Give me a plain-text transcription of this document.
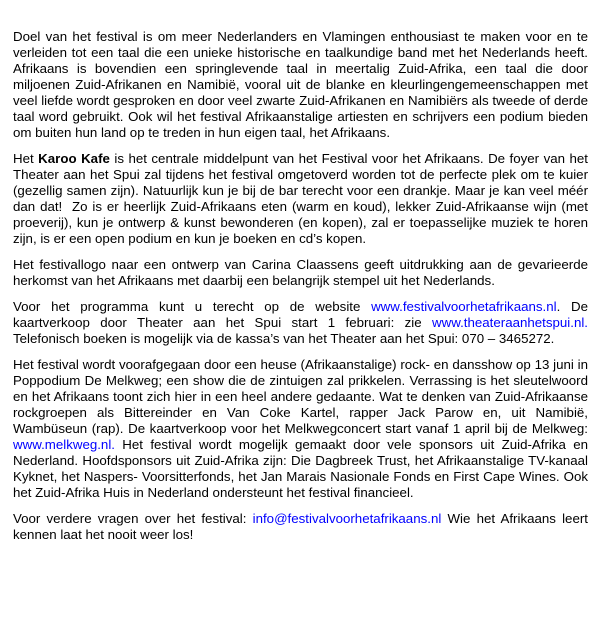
Doel van het festival is om meer Nederlanders en Vlamingen enthousiast te maken voor en te verleiden tot een taal die een unieke historische en taalkundige band met het Nederlands heeft. Afrikaans is bovendien een springlevende taal in meertalig Zuid-Afrika, een taal die door miljoenen Zuid-Afrikanen en Namibië, vooral uit de blanke en kleurlingengemeenschappen met veel liefde wordt gesproken en door veel zwarte Zuid-Afrikanen en Namibiërs als tweede of derde taal word gebruikt. Ook wil het festival Afrikaanstalige artiesten en schrijvers een podium bieden om buiten hun land op te treden in hun eigen taal, het Afrikaans.

Het Karoo Kafe is het centrale middelpunt van het Festival voor het Afrikaans. De foyer van het Theater aan het Spui zal tijdens het festival omgetoverd worden tot de perfecte plek om te kuier (gezellig samen zijn). Natuurlijk kun je bij de bar terecht voor een drankje. Maar je kan veel méér dan dat!  Zo is er heerlijk Zuid-Afrikaans eten (warm en koud), lekker Zuid-Afrikaanse wijn (met proeverij), kun je ontwerp & kunst bewonderen (en kopen), zal er toepasselijke muziek te horen zijn, is er een open podium en kun je boeken en cd’s kopen.

Het festivallogo naar een ontwerp van Carina Claassens geeft uitdrukking aan de gevarieerde herkomst van het Afrikaans met daarbij een belangrijk stempel uit het Nederlands.

Voor het programma kunt u terecht op de website www.festivalvoorhetafrikaans.nl. De kaartverkoop door Theater aan het Spui start 1 februari: zie www.theateraanhetspui.nl. Telefonisch boeken is mogelijk via de kassa’s van het Theater aan het Spui: 070 – 3465272.

Het festival wordt voorafgegaan door een heuse (Afrikaanstalige) rock- en dansshow op 13 juni in Poppodium De Melkweg; een show die de zintuigen zal prikkelen. Verrassing is het sleutelwoord en het Afrikaans toont zich hier in een heel andere gedaante. Wat te denken van Zuid-Afrikaanse rockgroepen als Bittereinder en Van Coke Kartel, rapper Jack Parow en, uit Namibië, Wambüseun (rap). De kaartverkoop voor het Melkwegconcert start vanaf 1 april bij de Melkweg: www.melkweg.nl. Het festival wordt mogelijk gemaakt door vele sponsors uit Zuid-Afrika en Nederland. Hoofdsponsors uit Zuid-Afrika zijn: Die Dagbreek Trust, het Afrikaanstalige TV-kanaal Kyknet, het Naspers- Voorsitterfonds, het Jan Marais Nasionale Fonds en First Cape Wines. Ook het Zuid-Afrika Huis in Nederland ondersteunt het festival financieel.

Voor verdere vragen over het festival: info@festivalvoorhetafrikaans.nl Wie het Afrikaans leert kennen laat het nooit weer los!
